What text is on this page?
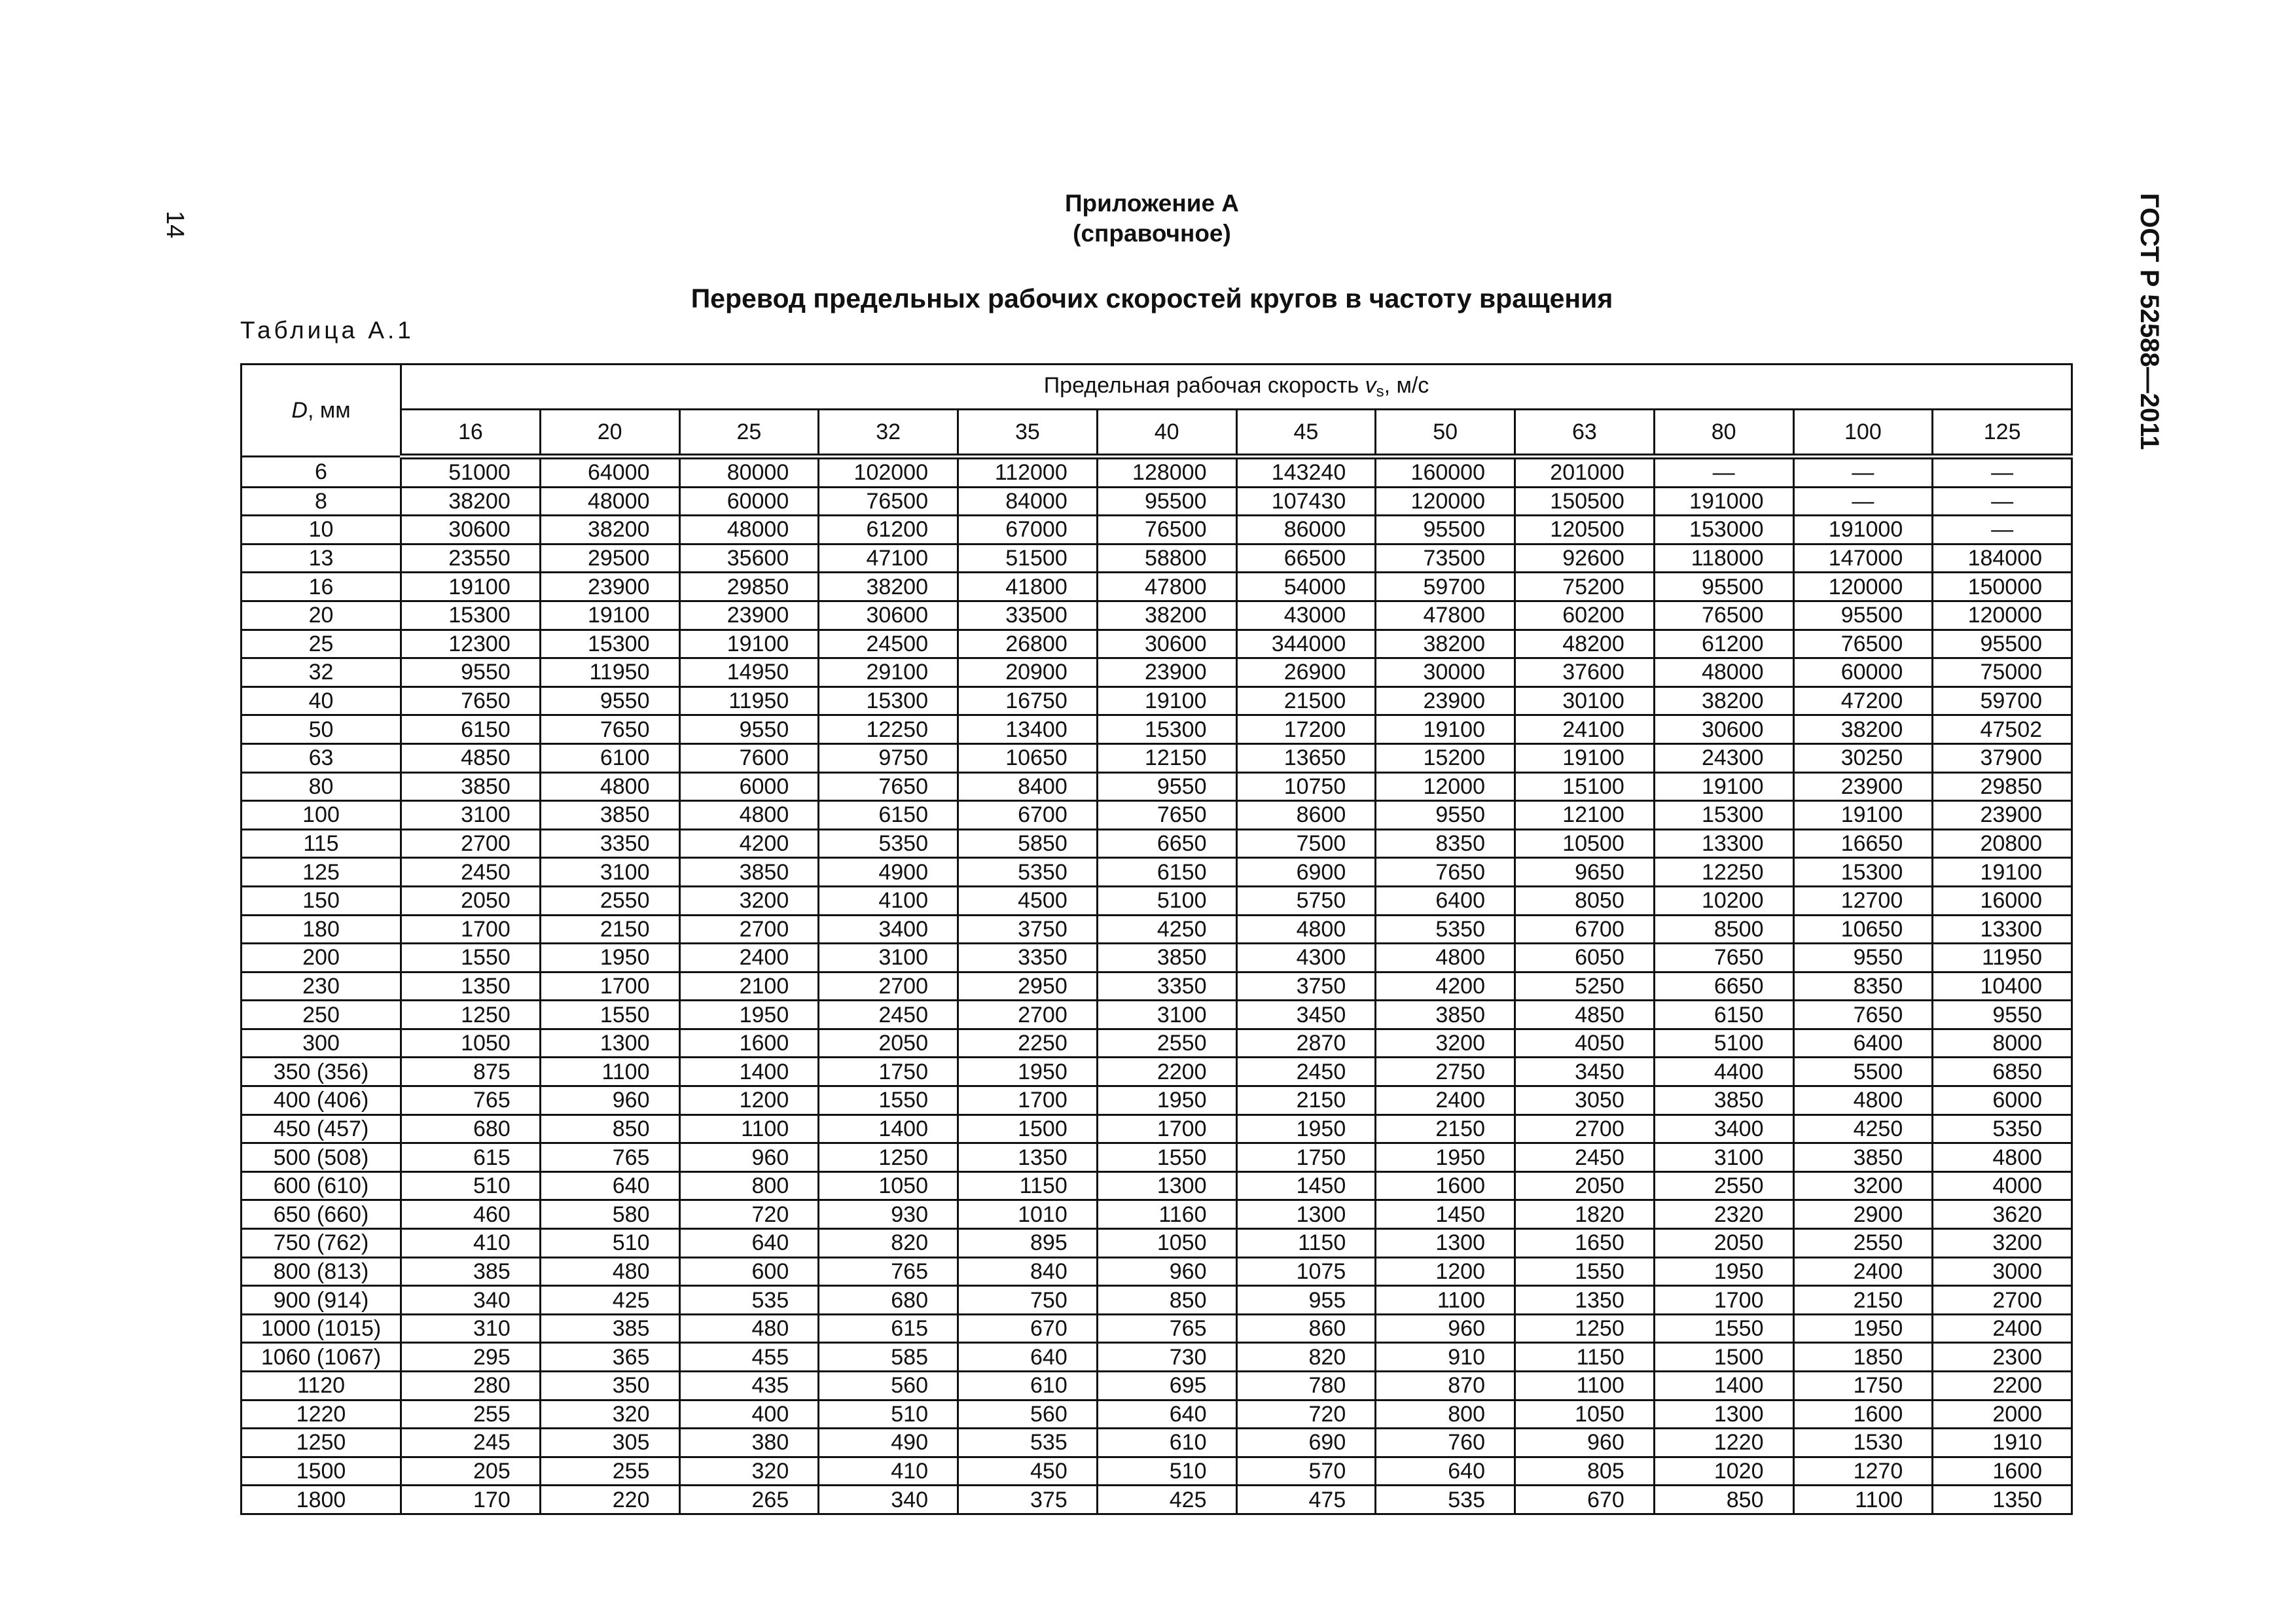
14	ГОСТ Р 52588—2011
Приложение А
(справочное)
Перевод предельных рабочих скоростей кругов в частоту вращения
Таблица А.1
D, мм	Предельная рабочая скорость $v_s$, м/с											
	16	20	25	32	35	40	45	50	63	80	100	125
6	51000	64000	80000	102000	112000	128000	143240	160000	201000	—	—	—
8	38200	48000	60000	76500	84000	95500	107430	120000	150500	191000	—	—
10	30600	38200	48000	61200	67000	76500	86000	95500	120500	153000	191000	—
13	23550	29500	35600	47100	51500	58800	66500	73500	92600	118000	147000	184000
16	19100	23900	29850	38200	41800	47800	54000	59700	75200	95500	120000	150000
20	15300	19100	23900	30600	33500	38200	43000	47800	60200	76500	95500	120000
25	12300	15300	19100	24500	26800	30600	344000	38200	48200	61200	76500	95500
32	9550	11950	14950	29100	20900	23900	26900	30000	37600	48000	60000	75000
40	7650	9550	11950	15300	16750	19100	21500	23900	30100	38200	47200	59700
50	6150	7650	9550	12250	13400	15300	17200	19100	24100	30600	38200	47502
63	4850	6100	7600	9750	10650	12150	13650	15200	19100	24300	30250	37900
80	3850	4800	6000	7650	8400	9550	10750	12000	15100	19100	23900	29850
100	3100	3850	4800	6150	6700	7650	8600	9550	12100	15300	19100	23900
115	2700	3350	4200	5350	5850	6650	7500	8350	10500	13300	16650	20800
125	2450	3100	3850	4900	5350	6150	6900	7650	9650	12250	15300	19100
150	2050	2550	3200	4100	4500	5100	5750	6400	8050	10200	12700	16000
180	1700	2150	2700	3400	3750	4250	4800	5350	6700	8500	10650	13300
200	1550	1950	2400	3100	3350	3850	4300	4800	6050	7650	9550	11950
230	1350	1700	2100	2700	2950	3350	3750	4200	5250	6650	8350	10400
250	1250	1550	1950	2450	2700	3100	3450	3850	4850	6150	7650	9550
300	1050	1300	1600	2050	2250	2550	2870	3200	4050	5100	6400	8000
350 (356)	875	1100	1400	1750	1950	2200	2450	2750	3450	4400	5500	6850
400 (406)	765	960	1200	1550	1700	1950	2150	2400	3050	3850	4800	6000
450 (457)	680	850	1100	1400	1500	1700	1950	2150	2700	3400	4250	5350
500 (508)	615	765	960	1250	1350	1550	1750	1950	2450	3100	3850	4800
600 (610)	510	640	800	1050	1150	1300	1450	1600	2050	2550	3200	4000
650 (660)	460	580	720	930	1010	1160	1300	1450	1820	2320	2900	3620
750 (762)	410	510	640	820	895	1050	1150	1300	1650	2050	2550	3200
800 (813)	385	480	600	765	840	960	1075	1200	1550	1950	2400	3000
900 (914)	340	425	535	680	750	850	955	1100	1350	1700	2150	2700
1000 (1015)	310	385	480	615	670	765	860	960	1250	1550	1950	2400
1060 (1067)	295	365	455	585	640	730	820	910	1150	1500	1850	2300
1120	280	350	435	560	610	695	780	870	1100	1400	1750	2200
1220	255	320	400	510	560	640	720	800	1050	1300	1600	2000
1250	245	305	380	490	535	610	690	760	960	1220	1530	1910
1500	205	255	320	410	450	510	570	640	805	1020	1270	1600
1800	170	220	265	340	375	425	475	535	670	850	1100	1350
